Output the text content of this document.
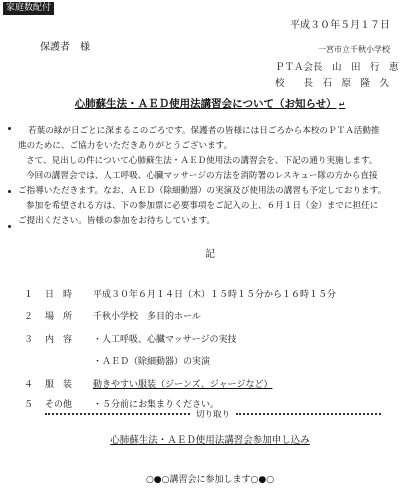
家庭数配付
平成３０年５月１７日
保護者　様	一宮市立千秋小学校
ＰＴＡ会長　山　田　行　恵
校　　長　石　原　隆　久
心肺蘇生法・ＡＥＤ使用法講習会について（お知らせ） ↵
若葉の緑が日ごとに深まるこのごろです。保護者の皆様には日ごろから本校のＰＴＡ活動推
進のために、ご協力をいただきありがとうございます。
さて、見出しの件について心肺蘇生法・ＡＥＤ使用法の講習会を、下記の通り実施します。
今回の講習会では、人工呼吸、心臓マッサージの方法を消防署のレスキュー隊の方から直接
ご指導いただきます。なお、ＡＥＤ（除細動器）の実演及び使用法の講習も予定しております。
参加を希望される方は、下の参加票に必要事項をご記入の上、６月１日（金）までに担任に
ご提出ください。皆様の参加をお待ちしています。
記
１ 日　時 平成３０年６月１４日（木）１５時１５分から１６時１５分
２ 場　所 千秋小学校　多目的ホール
３ 内　容 ・人工呼吸、心臓マッサージの実技
・ＡＥＤ（除細動器）の実演
４ 服　装 動きやすい服装（ジーンズ、ジャージなど）
５ その他 ・５分前にお集まりください。
切り取り
心肺蘇生法・ＡＥＤ使用法講習会参加申し込み
○●○講習会に参加します○●○
